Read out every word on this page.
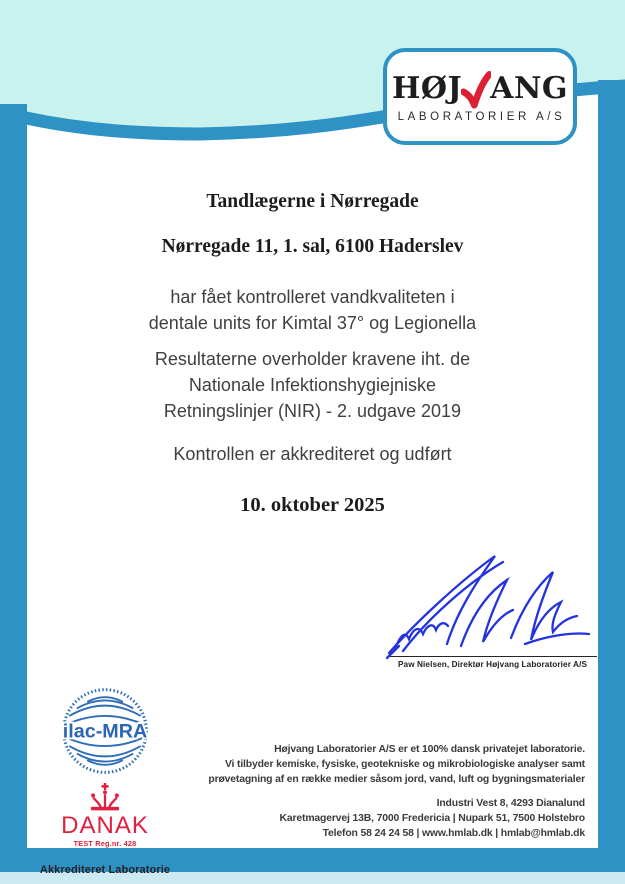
HØJ ANG
LABORATORIER A/S
Tandlægerne i Nørregade
Nørregade 11, 1. sal, 6100 Haderslev
har fået kontrolleret vandkvaliteten i
dentale units for Kimtal 37° og Legionella
Resultaterne overholder kravene iht. de
Nationale Infektionshygiejniske
Retningslinjer (NIR) - 2. udgave 2019
Kontrollen er akkrediteret og udført
10. oktober 2025
Paw Nielsen, Direktør Højvang Laboratorier A/S
ilac-MRA
DANAK
TEST Reg.nr. 428
Akkrediteret Laboratorie
Højvang Laboratorier A/S er et 100% dansk privatejet laboratorie.
Vi tilbyder kemiske, fysiske, geotekniske og mikrobiologiske analyser samt
prøvetagning af en række medier såsom jord, vand, luft og bygningsmaterialer
Industri Vest 8, 4293 Dianalund
Karetmagervej 13B, 7000 Fredericia | Nupark 51, 7500 Holstebro
Telefon 58 24 24 58 | www.hmlab.dk | hmlab@hmlab.dk
